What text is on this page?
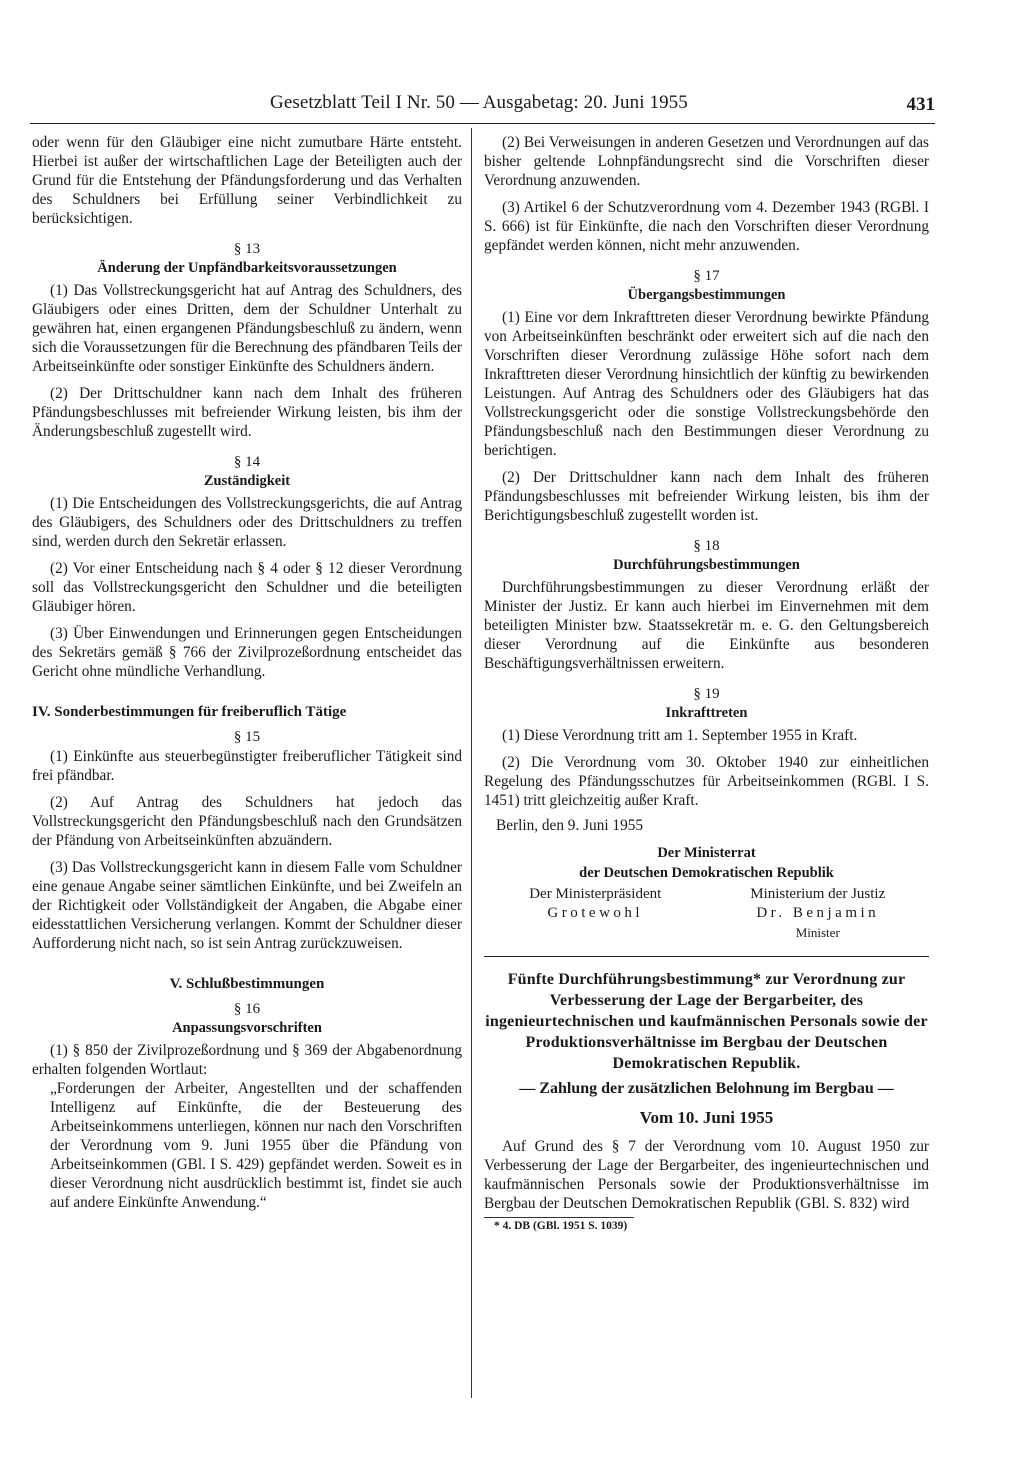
Gesetzblatt Teil I Nr. 50 — Ausgabetag: 20. Juni 1955	431

oder wenn für den Gläubiger eine nicht zumutbare Härte entsteht. Hierbei ist außer der wirtschaftlichen Lage der Beteiligten auch der Grund für die Entstehung der Pfändungsforderung und das Verhalten des Schuldners bei Erfüllung seiner Verbindlichkeit zu berücksichtigen.

§ 13
Änderung der Unpfändbarkeitsvoraussetzungen

(1) Das Vollstreckungsgericht hat auf Antrag des Schuldners, des Gläubigers oder eines Dritten, dem der Schuldner Unterhalt zu gewähren hat, einen ergangenen Pfändungsbeschluß zu ändern, wenn sich die Voraussetzungen für die Berechnung des pfändbaren Teils der Arbeitseinkünfte oder sonstiger Einkünfte des Schuldners ändern.

(2) Der Drittschuldner kann nach dem Inhalt des früheren Pfändungsbeschlusses mit befreiender Wirkung leisten, bis ihm der Änderungsbeschluß zugestellt wird.

§ 14
Zuständigkeit

(1) Die Entscheidungen des Vollstreckungsgerichts, die auf Antrag des Gläubigers, des Schuldners oder des Drittschuldners zu treffen sind, werden durch den Sekretär erlassen.

(2) Vor einer Entscheidung nach § 4 oder § 12 dieser Verordnung soll das Vollstreckungsgericht den Schuldner und die beteiligten Gläubiger hören.

(3) Über Einwendungen und Erinnerungen gegen Entscheidungen des Sekretärs gemäß § 766 der Zivilprozeßordnung entscheidet das Gericht ohne mündliche Verhandlung.

IV. Sonderbestimmungen für freiberuflich Tätige
§ 15

(1) Einkünfte aus steuerbegünstigter freiberuflicher Tätigkeit sind frei pfändbar.

(2) Auf Antrag des Schuldners hat jedoch das Vollstreckungsgericht den Pfändungsbeschluß nach den Grundsätzen der Pfändung von Arbeitseinkünften abzuändern.

(3) Das Vollstreckungsgericht kann in diesem Falle vom Schuldner eine genaue Angabe seiner sämtlichen Einkünfte, und bei Zweifeln an der Richtigkeit oder Vollständigkeit der Angaben, die Abgabe einer eidesstattlichen Versicherung verlangen. Kommt der Schuldner dieser Aufforderung nicht nach, so ist sein Antrag zurückzuweisen.

V. Schlußbestimmungen
§ 16
Anpassungsvorschriften

(1) § 850 der Zivilprozeßordnung und § 369 der Abgabenordnung erhalten folgenden Wortlaut:

„Forderungen der Arbeiter, Angestellten und der schaffenden Intelligenz auf Einkünfte, die der Besteuerung des Arbeitseinkommens unterliegen, können nur nach den Vorschriften der Verordnung vom 9. Juni 1955 über die Pfändung von Arbeitseinkommen (GBl. I S. 429) gepfändet werden. Soweit es in dieser Verordnung nicht ausdrücklich bestimmt ist, findet sie auch auf andere Einkünfte Anwendung.“

(2) Bei Verweisungen in anderen Gesetzen und Verordnungen auf das bisher geltende Lohnpfändungsrecht sind die Vorschriften dieser Verordnung anzuwenden.

(3) Artikel 6 der Schutzverordnung vom 4. Dezember 1943 (RGBl. I S. 666) ist für Einkünfte, die nach den Vorschriften dieser Verordnung gepfändet werden können, nicht mehr anzuwenden.

§ 17
Übergangsbestimmungen

(1) Eine vor dem Inkrafttreten dieser Verordnung bewirkte Pfändung von Arbeitseinkünften beschränkt oder erweitert sich auf die nach den Vorschriften dieser Verordnung zulässige Höhe sofort nach dem Inkrafttreten dieser Verordnung hinsichtlich der künftig zu bewirkenden Leistungen. Auf Antrag des Schuldners oder des Gläubigers hat das Vollstreckungsgericht oder die sonstige Vollstreckungsbehörde den Pfändungsbeschluß nach den Bestimmungen dieser Verordnung zu berichtigen.

(2) Der Drittschuldner kann nach dem Inhalt des früheren Pfändungsbeschlusses mit befreiender Wirkung leisten, bis ihm der Berichtigungsbeschluß zugestellt worden ist.

§ 18
Durchführungsbestimmungen

Durchführungsbestimmungen zu dieser Verordnung erläßt der Minister der Justiz. Er kann auch hierbei im Einvernehmen mit dem beteiligten Minister bzw. Staatssekretär m. e. G. den Geltungsbereich dieser Verordnung auf die Einkünfte aus besonderen Beschäftigungsverhältnissen erweitern.

§ 19
Inkrafttreten

(1) Diese Verordnung tritt am 1. September 1955 in Kraft.

(2) Die Verordnung vom 30. Oktober 1940 zur einheitlichen Regelung des Pfändungsschutzes für Arbeitseinkommen (RGBl. I S. 1451) tritt gleichzeitig außer Kraft.

Berlin, den 9. Juni 1955
Der Ministerrat
der Deutschen Demokratischen Republik
Der Ministerpräsident
Grotewohl
Ministerium der Justiz
Dr. Benjamin
Minister
Fünfte Durchführungsbestimmung* zur Verordnung zur Verbesserung der Lage der Bergarbeiter, des ingenieurtechnischen und kaufmännischen Personals sowie der Produktionsverhältnisse im Bergbau der Deutschen Demokratischen Republik.
— Zahlung der zusätzlichen Belohnung im Bergbau —
Vom 10. Juni 1955

Auf Grund des § 7 der Verordnung vom 10. August 1950 zur Verbesserung der Lage der Bergarbeiter, des ingenieurtechnischen und kaufmännischen Personals sowie der Produktionsverhältnisse im Bergbau der Deutschen Demokratischen Republik (GBl. S. 832) wird

* 4. DB (GBl. 1951 S. 1039)
